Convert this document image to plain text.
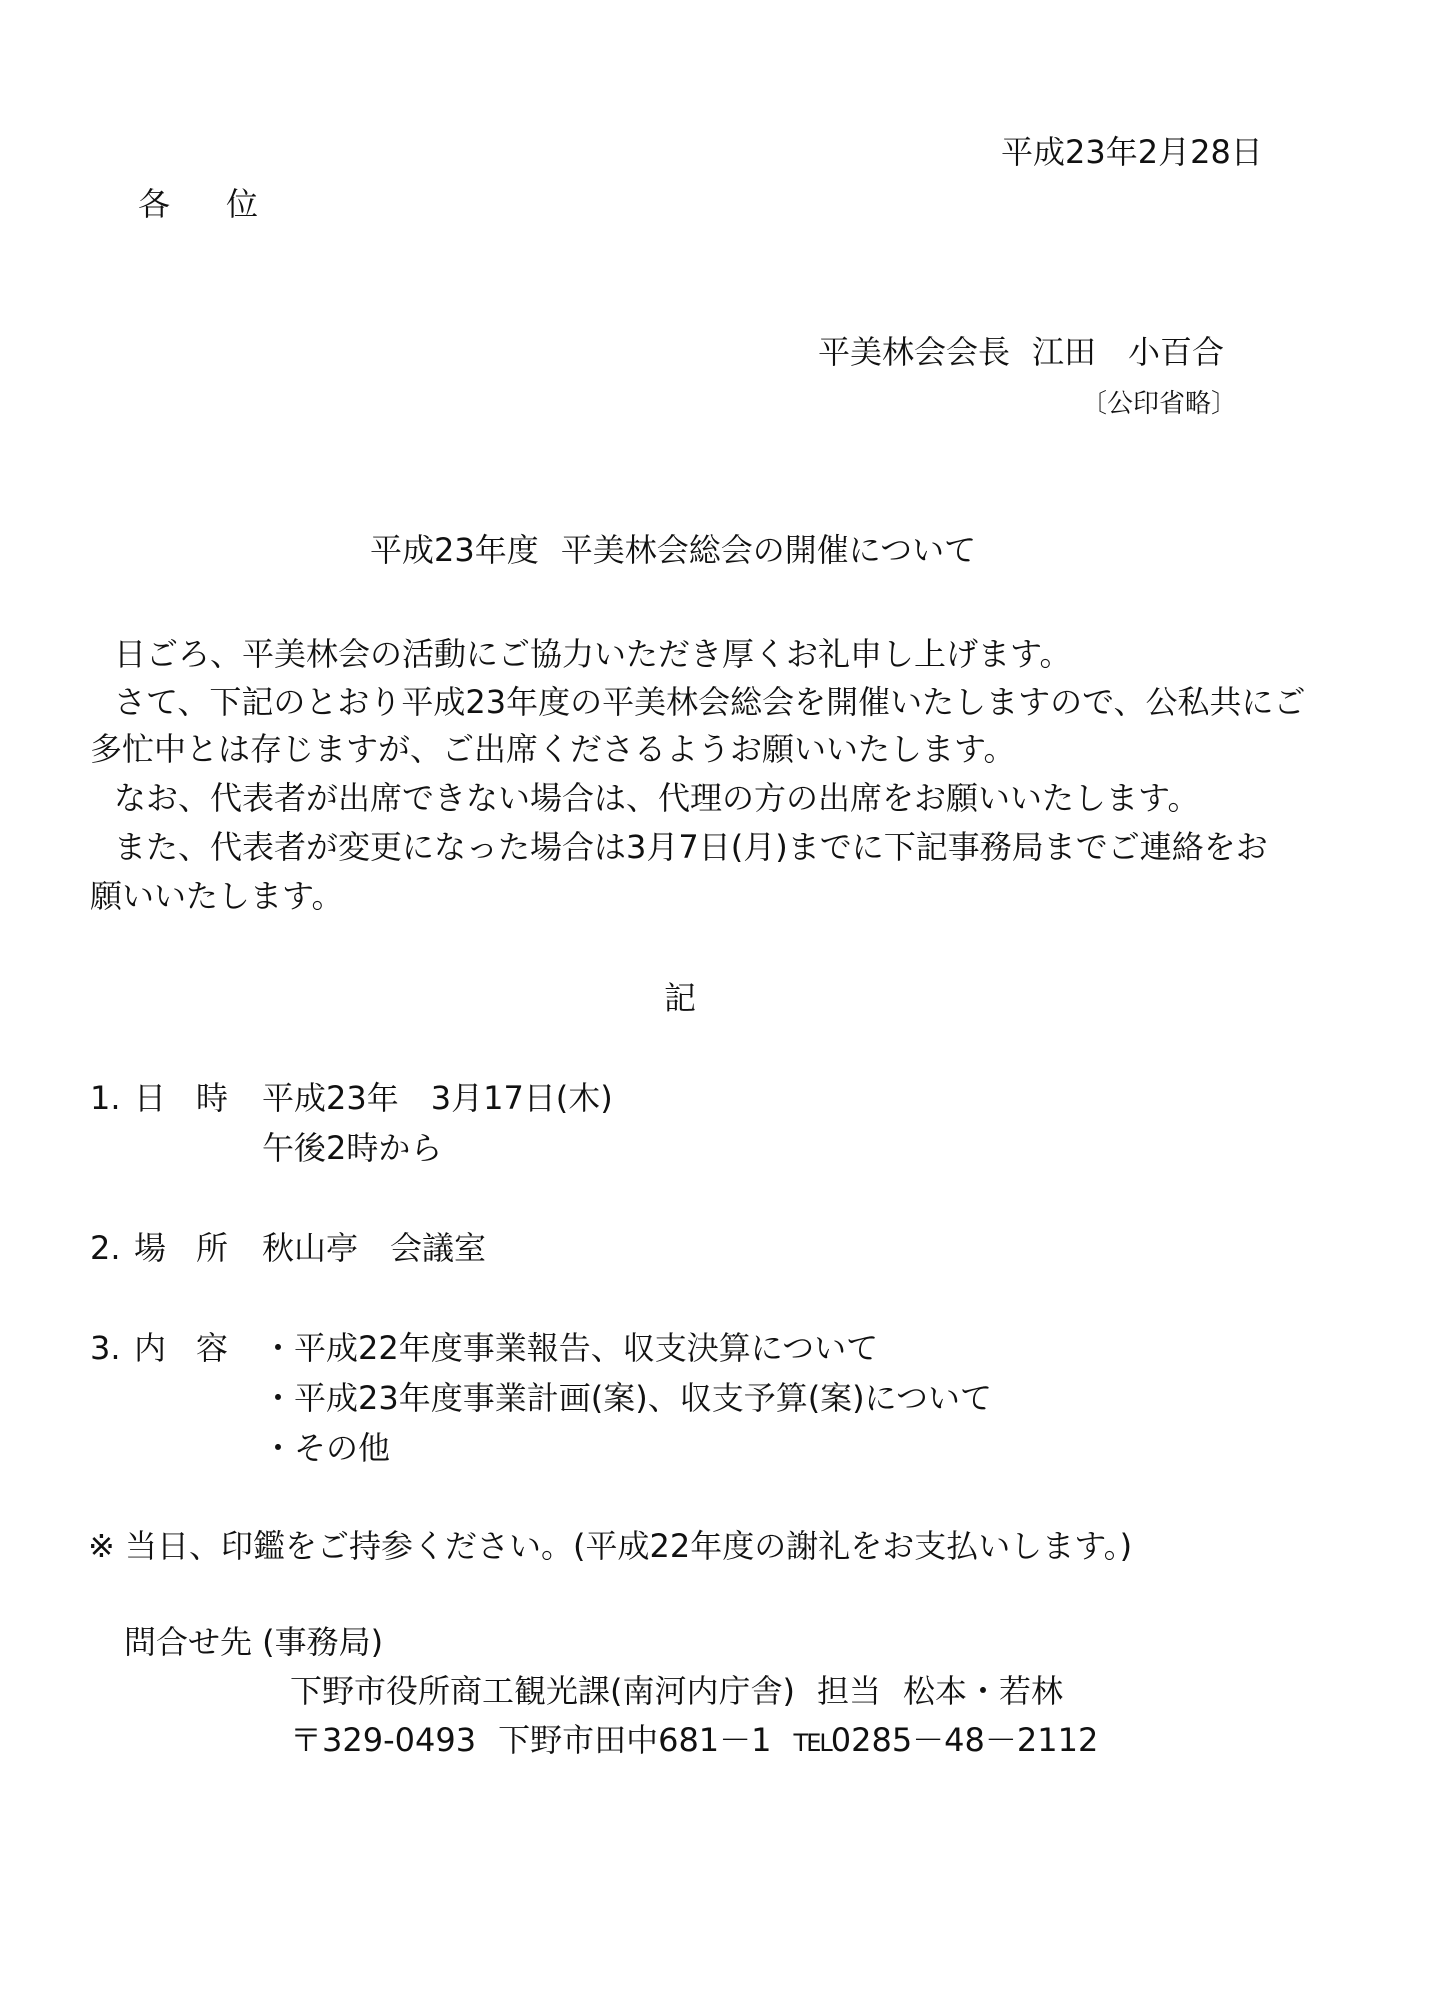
平成23年2月28日
各位
平美林会会長 江田　小百合
〔公印省略〕
平成23年度 平美林会総会の開催について
日ごろ、平美林会の活動にご協力いただき厚くお礼申し上げます。
さて、下記のとおり平成23年度の平美林会総会を開催いたしますので、公私共にご
多忙中とは存じますが、ご出席くださるようお願いいたします。
なお、代表者が出席できない場合は、代理の方の出席をお願いいたします。
また、代表者が変更になった場合は3月7日(月)までに下記事務局までご連絡をお
願いいたします。
記
1. 日時 平成23年　3月17日(木)
午後2時から
2. 場所 秋山亭　会議室
3. 内容 ・平成22年度事業報告、収支決算について
・平成23年度事業計画(案)、収支予算(案)について
・その他
※ 当日、印鑑をご持参ください。(平成22年度の謝礼をお支払いします。)
問合せ先 (事務局)
下野市役所商工観光課(南河内庁舎) 担当 松本・若林
〒329-0493 下野市田中681－1 TEL0285－48－2112
